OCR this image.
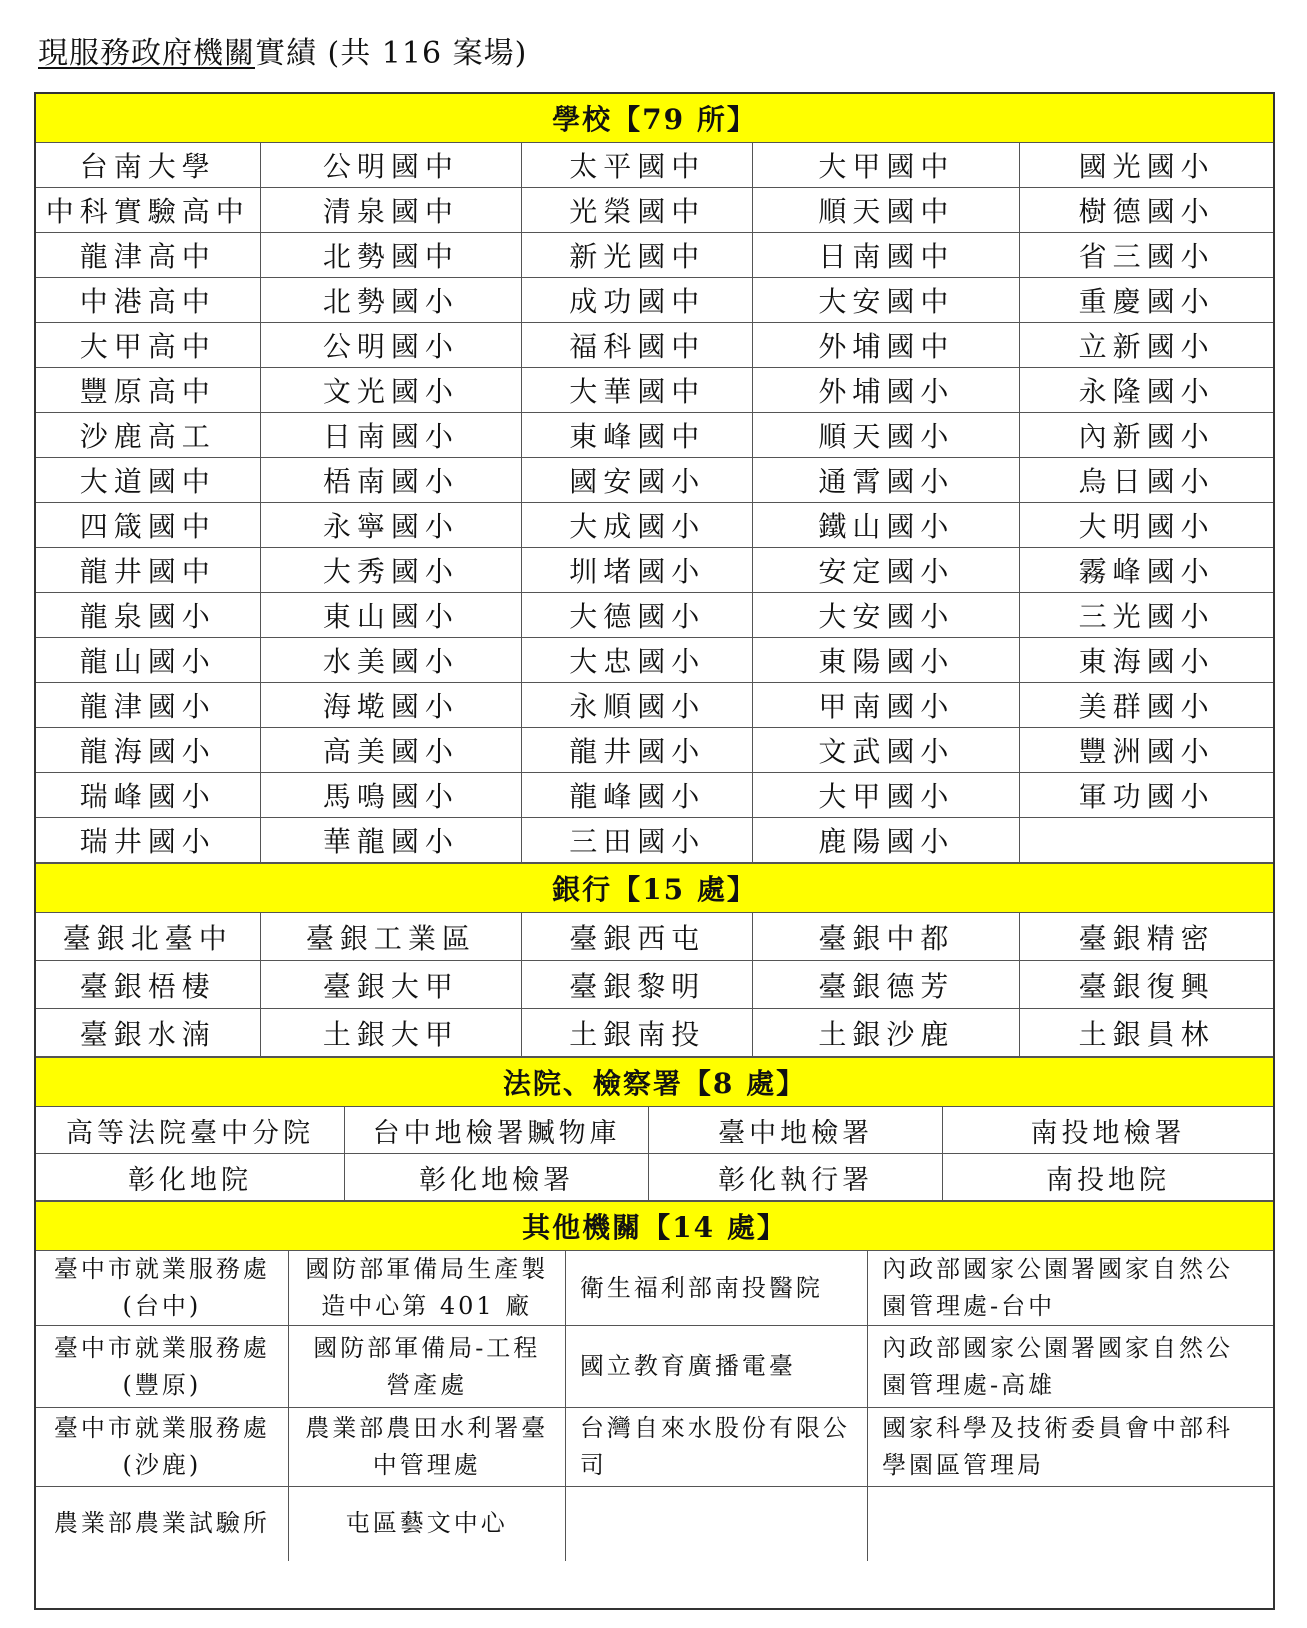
現服務政府機關實績 (共 116 案場)
學校【79 所】				
台南大學	公明國中	太平國中	大甲國中	國光國小
中科實驗高中	清泉國中	光榮國中	順天國中	樹德國小
龍津高中	北勢國中	新光國中	日南國中	省三國小
中港高中	北勢國小	成功國中	大安國中	重慶國小
大甲高中	公明國小	福科國中	外埔國中	立新國小
豐原高中	文光國小	大華國中	外埔國小	永隆國小
沙鹿高工	日南國小	東峰國中	順天國小	內新國小
大道國中	梧南國小	國安國小	通霄國小	烏日國小
四箴國中	永寧國小	大成國小	鐵山國小	大明國小
龍井國中	大秀國小	圳堵國小	安定國小	霧峰國小
龍泉國小	東山國小	大德國小	大安國小	三光國小
龍山國小	水美國小	大忠國小	東陽國小	東海國小
龍津國小	海墘國小	永順國小	甲南國小	美群國小
龍海國小	高美國小	龍井國小	文武國小	豐洲國小
瑞峰國小	馬鳴國小	龍峰國小	大甲國小	軍功國小
瑞井國小	華龍國小	三田國小	鹿陽國小	
銀行【15 處】				
臺銀北臺中	臺銀工業區	臺銀西屯	臺銀中都	臺銀精密
臺銀梧棲	臺銀大甲	臺銀黎明	臺銀德芳	臺銀復興
臺銀水湳	土銀大甲	土銀南投	土銀沙鹿	土銀員林
法院、檢察署【8 處】			
高等法院臺中分院	台中地檢署贓物庫	臺中地檢署	南投地檢署
彰化地院	彰化地檢署	彰化執行署	南投地院
其他機關【14 處】			
臺中市就業服務處(台中)	國防部軍備局生產製造中心第 401 廠	衛生福利部南投醫院	內政部國家公園署國家自然公園管理處-台中
臺中市就業服務處(豐原)	國防部軍備局-工程營產處	國立教育廣播電臺	內政部國家公園署國家自然公園管理處-高雄
臺中市就業服務處(沙鹿)	農業部農田水利署臺中管理處	台灣自來水股份有限公司	國家科學及技術委員會中部科學園區管理局
農業部農業試驗所	屯區藝文中心		
